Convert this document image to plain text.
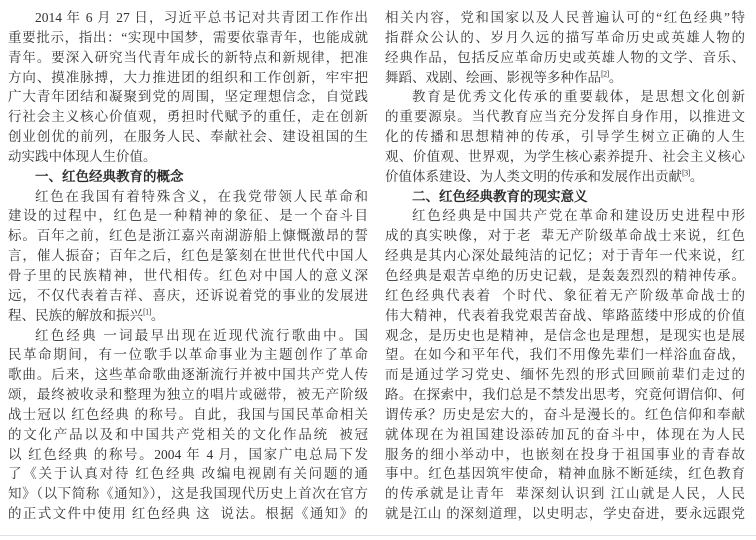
2014 年 6 月 27 日，习近平总书记对共青团工作作出
重要批示，指出：“实现中国梦，需要依靠青年，也能成就
青年。要深入研究当代青年成长的新特点和新规律，把准
方向、摸准脉搏，大力推进团的组织和工作创新，牢牢把
广大青年团结和凝聚到党的周围，坚定理想信念，自觉践
行社会主义核心价值观，勇担时代赋予的重任，走在创新
创业创优的前列，在服务人民、奉献社会、建设祖国的生
动实践中体现人生价值。
一、红色经典教育的概念
红色在我国有着特殊含义，在我党带领人民革命和
建设的过程中，红色是一种精神的象征、是一个奋斗目
标。百年之前，红色是浙江嘉兴南湖游船上慷慨激昂的誓
言，催人振奋；百年之后，红色是篆刻在世世代代中国人
骨子里的民族精神，世代相传。红色对中国人的意义深
远，不仅代表着吉祥、喜庆，还诉说着党的事业的发展进
程、民族的解放和振兴[1]。
红色经典 一词最早出现在近现代流行歌曲中。国
民革命期间，有一位歌手以革命事业为主题创作了革命
歌曲。后来，这些革命歌曲逐渐流行并被中国共产党人传
颂，最终被收录和整理为独立的唱片或磁带，被无产阶级
战士冠以 红色经典 的称号。自此，我国与国民革命相关
的文化产品以及和中国共产党相关的文化作品统  被冠
以 红色经典 的称号。2004 年 4 月，国家广电总局下发
了《关于认真对待 红色经典 改编电视剧有关问题的通
知》（以下简称《通知》），这是我国现代历史上首次在官方
的正式文件中使用 红色经典 这  说法。根据《通知》的
相关内容，党和国家以及人民普遍认可的“红色经典”特
指群众公认的、岁月久远的描写革命历史或英雄人物的
经典作品，包括反应革命历史或英雄人物的文学、音乐、
舞蹈、戏剧、绘画、影视等多种作品[2]。
教育是优秀文化传承的重要载体，是思想文化创新
的重要源泉。当代教育应当充分发挥自身作用，以推进文
化的传播和思想精神的传承，引导学生树立正确的人生
观、价值观、世界观，为学生核心素养提升、社会主义核心
价值体系建设、为人类文明的传承和发展作出贡献[3]。
二、红色经典教育的现实意义
红色经典是中国共产党在革命和建设历史进程中形
成的真实映像，对于老  辈无产阶级革命战士来说，红色
经典是其内心深处最纯洁的记忆；对于青年一代来说，红
色经典是艰苦卓绝的历史记载，是轰轰烈烈的精神传承。
红色经典代表着  个时代、象征着无产阶级革命战士的
伟大精神，代表着我党艰苦奋战、筚路蓝缕中形成的价值
观念，是历史也是精神，是信念也是理想，是现实也是展
望。在如今和平年代，我们不用像先辈们一样浴血奋战，
而是通过学习党史、缅怀先烈的形式回顾前辈们走过的
路。在探索中，我们总是不禁发出思考，究竟何谓信仰、何
谓传承？历史是宏大的，奋斗是漫长的。红色信仰和奉献
就体现在为祖国建设添砖加瓦的奋斗中，体现在为人民
服务的细小举动中，也嵌刻在投身于祖国事业的青春故
事中。红色基因筑牢使命，精神血脉不断延续，红色教育
的传承就是让青年  辈深刻认识到 江山就是人民，人民
就是江山 的深刻道理，以史明志，学史奋进，要永远跟党
